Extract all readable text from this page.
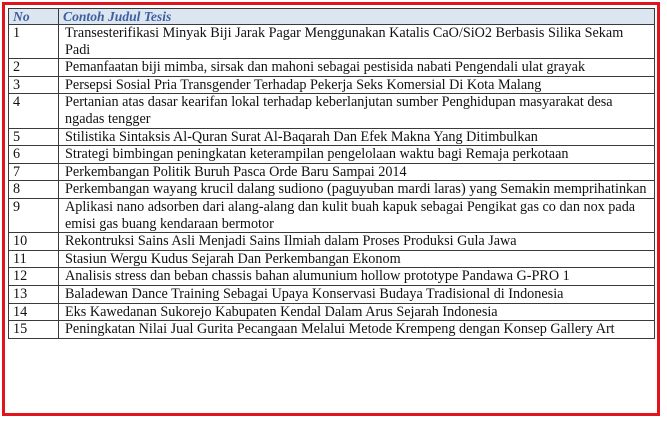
No	Contoh Judul Tesis
1	Transesterifikasi Minyak Biji Jarak Pagar Menggunakan Katalis CaO/SiO2 Berbasis Silika Sekam Padi
2	Pemanfaatan biji mimba, sirsak dan mahoni sebagai pestisida nabati Pengendali ulat grayak
3	Persepsi Sosial Pria Transgender Terhadap Pekerja Seks Komersial Di Kota Malang
4	Pertanian atas dasar kearifan lokal terhadap keberlanjutan sumber Penghidupan masyarakat desa ngadas tengger
5	Stilistika Sintaksis Al-Quran Surat Al-Baqarah Dan Efek Makna Yang Ditimbulkan
6	Strategi bimbingan peningkatan keterampilan pengelolaan waktu bagi Remaja perkotaan
7	Perkembangan Politik Buruh Pasca Orde Baru Sampai 2014
8	Perkembangan wayang krucil dalang sudiono (paguyuban mardi laras) yang Semakin memprihatinkan
9	Aplikasi nano adsorben dari alang-alang dan kulit buah kapuk sebagai Pengikat gas co dan nox pada emisi gas buang kendaraan bermotor
10	Rekontruksi Sains Asli Menjadi Sains Ilmiah dalam Proses Produksi Gula Jawa
11	Stasiun Wergu Kudus Sejarah Dan Perkembangan Ekonom
12	Analisis stress dan beban chassis bahan alumunium hollow prototype Pandawa G-PRO 1
13	Baladewan Dance Training Sebagai Upaya Konservasi Budaya Tradisional di Indonesia
14	Eks Kawedanan Sukorejo Kabupaten Kendal Dalam Arus Sejarah Indonesia
15	Peningkatan Nilai Jual Gurita Pecangaan Melalui Metode Krempeng dengan Konsep Gallery Art
